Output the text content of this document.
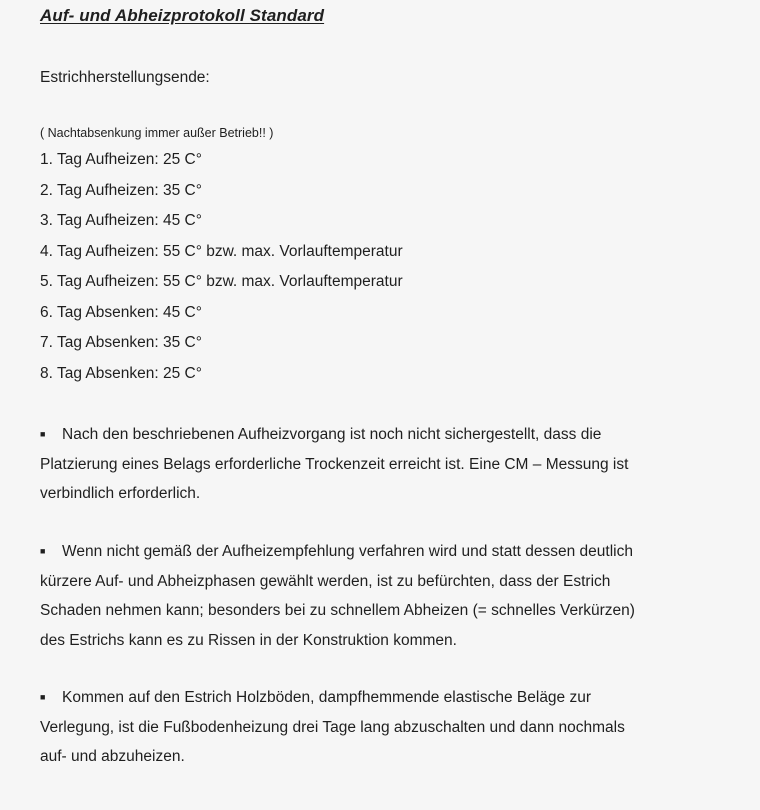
Auf- und Abheizprotokoll Standard
Estrichherstellungsende:
( Nachtabsenkung immer außer Betrieb!! )
1. Tag Aufheizen: 25 C°
2. Tag Aufheizen: 35 C°
3. Tag Aufheizen: 45 C°
4. Tag Aufheizen: 55 C° bzw. max. Vorlauftemperatur
5. Tag Aufheizen: 55 C° bzw. max. Vorlauftemperatur
6. Tag Absenken: 45 C°
7. Tag Absenken: 35 C°
8. Tag Absenken: 25 C°

■ Nach den beschriebenen Aufheizvorgang ist noch nicht sichergestellt, dass die
Platzierung eines Belags erforderliche Trockenzeit erreicht ist. Eine CM – Messung ist
verbindlich erforderlich.

■ Wenn nicht gemäß der Aufheizempfehlung verfahren wird und statt dessen deutlich
kürzere Auf- und Abheizphasen gewählt werden, ist zu befürchten, dass der Estrich
Schaden nehmen kann; besonders bei zu schnellem Abheizen (= schnelles Verkürzen)
des Estrichs kann es zu Rissen in der Konstruktion kommen.

■ Kommen auf den Estrich Holzböden, dampfhemmende elastische Beläge zur
Verlegung, ist die Fußbodenheizung drei Tage lang abzuschalten und dann nochmals
auf- und abzuheizen.
